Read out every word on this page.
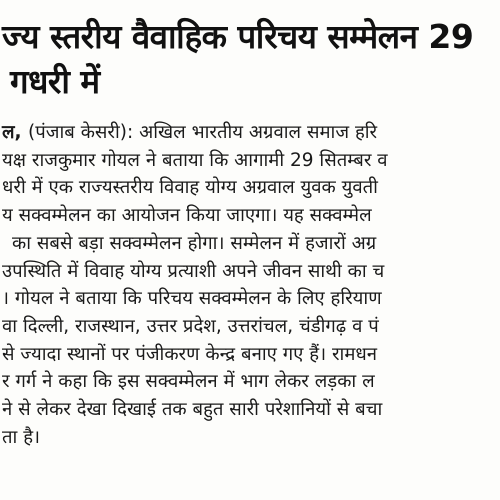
ज्य स्तरीय वैवाहिक परिचय सम्मेलन 29
गधरी में
ल, (पंजाब केसरी): अखिल भारतीय अग्रवाल समाज हरि
यक्ष राजकुमार गोयल ने बताया कि आगामी 29 सितम्बर व
धरी में एक राज्यस्तरीय विवाह योग्य अग्रवाल युवक युवती
य सक्वम्मेलन का आयोजन किया जाएगा। यह सक्वम्मेल
का सबसे बड़ा सक्वम्मेलन होगा। सम्मेलन में हजारों अग्र
उपस्थिति में विवाह योग्य प्रत्याशी अपने जीवन साथी का च
। गोयल ने बताया कि परिचय सक्वम्मेलन के लिए हरियाण
वा दिल्ली, राजस्थान, उत्तर प्रदेश, उत्तरांचल, चंडीगढ़ व पं
से ज्यादा स्थानों पर पंजीकरण केन्द्र बनाए गए हैं। रामधन
र गर्ग ने कहा कि इस सक्वम्मेलन में भाग लेकर लड़का ल
ने से लेकर देखा दिखाई तक बहुत सारी परेशानियों से बचा
ता है।
